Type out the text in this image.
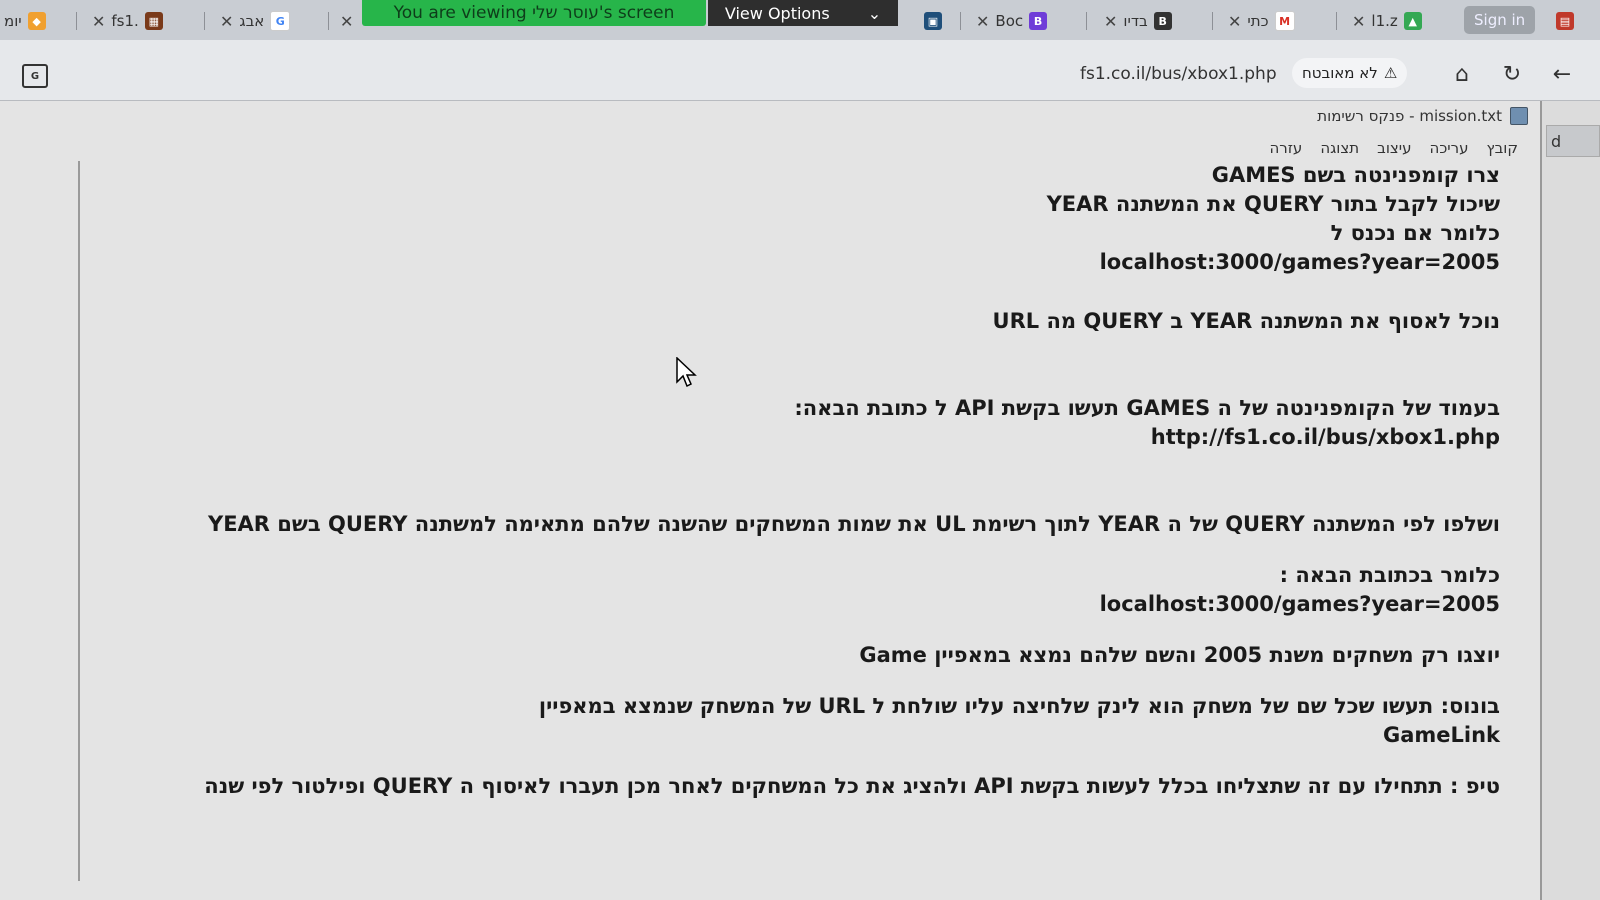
יומ ◆	✕ fs1. ▦	✕ אבג	G	✕	You are viewing עוסר שלי's screen	View Options ⌄	▣ ✕ Boc B	✕ בדיו B	✕ כתי M	✕ l1.z ▲	Sign in	▤
G	fs1.co.il/bus/xbox1.php	⚠
לא מאובטח	⌂ ↻ ←
mission.txt - פנקס רשימות
קובץ
עריכה
עיצוב
תצוגה
עזרה
צרו קומפנינטה בשם GAMES
שיכול לקבל בתור QUERY את המשתנה YEAR
כלומר אם נכנס ל
localhost:3000/games?year=2005
נוכל לאסוף את המשתנה YEAR ב QUERY מה URL
בעמוד של הקומפנינטה של ה GAMES תעשו בקשת API ל כתובת הבאה:
http://fs1.co.il/bus/xbox1.php
ושלפו לפי המשתנה QUERY של ה YEAR לתוך רשימת UL את שמות המשחקים שהשנה שלהם מתאימה למשתנה QUERY בשם YEAR
כלומר בכתובת הבאה :
localhost:3000/games?year=2005
יוצגו רק משחקים משנת 2005 והשם שלהם נמצא במאפיין Game
בונוס: תעשו שכל שם של משחק הוא לינק שלחיצה עליו שולחת ל URL של המשחק שנמצא במאפיין
GameLink
טיפ : תתחילו עם זה שתצליחו בכלל לעשות בקשת API ולהציג את כל המשחקים לאחר מכן תעברו לאיסוף ה QUERY ופילטור לפי שנה
d
